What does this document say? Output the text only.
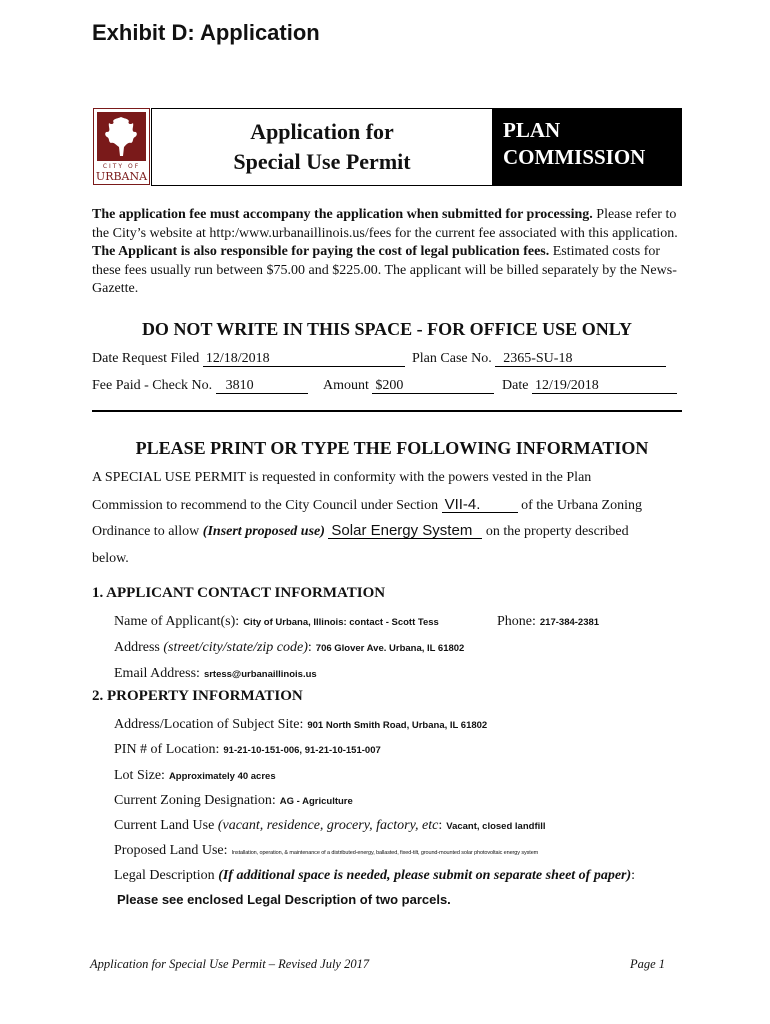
Exhibit D: Application
CITY OF
URBANA
Application for
Special Use Permit
PLAN
COMMISSION
The application fee must accompany the application when submitted for processing. Please refer to the City’s website at http:/www.urbanaillinois.us/fees for the current fee associated with this application. The Applicant is also responsible for paying the cost of legal publication fees. Estimated costs for these fees usually run between $75.00 and $225.00. The applicant will be billed separately by the News-Gazette.
DO NOT WRITE IN THIS SPACE - FOR OFFICE USE ONLY
Date Request Filed 12/18/2018	Plan Case No. 2365-SU-18
Fee Paid - Check No. 3810	Amount $200	Date 12/19/2018
PLEASE PRINT OR TYPE THE FOLLOWING INFORMATION
A SPECIAL USE PERMIT is requested in conformity with the powers vested in the Plan
Commission to recommend to the City Council under Section VII-4.	of the Urbana Zoning
Ordinance to allow (Insert proposed use) Solar Energy System on the property described
below.
1. APPLICANT CONTACT INFORMATION
Name of Applicant(s): City of Urbana, Illinois: contact - Scott Tess	Phone: 217-384-2381
Address (street/city/state/zip code): 706 Glover Ave. Urbana, IL 61802
Email Address: srtess@urbanaillinois.us
2. PROPERTY INFORMATION
Address/Location of Subject Site: 901 North Smith Road, Urbana, IL 61802
PIN # of Location: 91-21-10-151-006, 91-21-10-151-007
Lot Size: Approximately 40 acres
Current Zoning Designation: AG - Agriculture
Current Land Use (vacant, residence, grocery, factory, etc: Vacant, closed landfill
Proposed Land Use: Installation, operation, & maintenance of a distributed-energy, ballasted, fixed-tilt, ground-mounted solar photovoltaic energy system
Legal Description (If additional space is needed, please submit on separate sheet of paper):
Please see enclosed Legal Description of two parcels.
Application for Special Use Permit – Revised July 2017	Page 1
